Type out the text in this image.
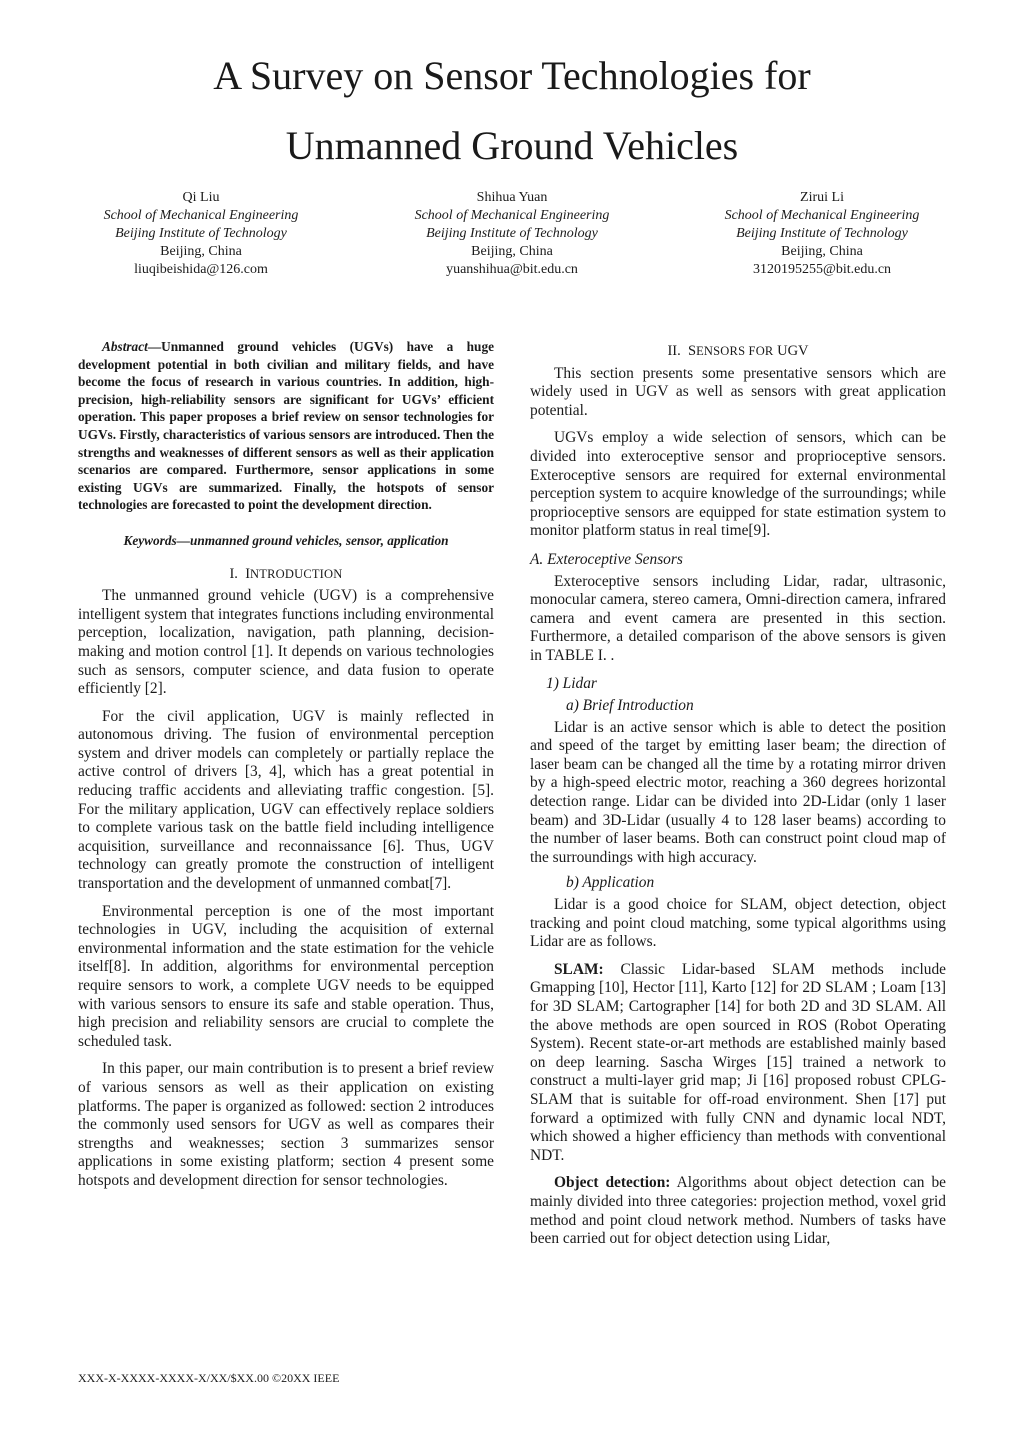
A Survey on Sensor Technologies for
Unmanned Ground Vehicles
Qi Liu
School of Mechanical Engineering
Beijing Institute of Technology
Beijing, China
liuqibeishida@126.com
Shihua Yuan
School of Mechanical Engineering
Beijing Institute of Technology
Beijing, China
yuanshihua@bit.edu.cn
Zirui Li
School of Mechanical Engineering
Beijing Institute of Technology
Beijing, China
3120195255@bit.edu.cn

Abstract—Unmanned ground vehicles (UGVs) have a huge development potential in both civilian and military fields, and have become the focus of research in various countries. In addition, high-precision, high-reliability sensors are significant for UGVs’ efficient operation. This paper proposes a brief review on sensor technologies for UGVs. Firstly, characteristics of various sensors are introduced. Then the strengths and weaknesses of different sensors as well as their application scenarios are compared. Furthermore, sensor applications in some existing UGVs are summarized. Finally, the hotspots of sensor technologies are forecasted to point the development direction.

Keywords—unmanned ground vehicles, sensor, application

I. INTRODUCTION

The unmanned ground vehicle (UGV) is a comprehensive intelligent system that integrates functions including environmental perception, localization, navigation, path planning, decision-making and motion control [1]. It depends on various technologies such as sensors, computer science, and data fusion to operate efficiently [2].

For the civil application, UGV is mainly reflected in autonomous driving. The fusion of environmental perception system and driver models can completely or partially replace the active control of drivers [3, 4], which has a great potential in reducing traffic accidents and alleviating traffic congestion. [5]. For the military application, UGV can effectively replace soldiers to complete various task on the battle field including intelligence acquisition, surveillance and reconnaissance [6]. Thus, UGV technology can greatly promote the construction of intelligent transportation and the development of unmanned combat[7].

Environmental perception is one of the most important technologies in UGV, including the acquisition of external environmental information and the state estimation for the vehicle itself[8]. In addition, algorithms for environmental perception require sensors to work, a complete UGV needs to be equipped with various sensors to ensure its safe and stable operation. Thus, high precision and reliability sensors are crucial to complete the scheduled task.

In this paper, our main contribution is to present a brief review of various sensors as well as their application on existing platforms. The paper is organized as followed: section 2 introduces the commonly used sensors for UGV as well as compares their strengths and weaknesses; section 3 summarizes sensor applications in some existing platform; section 4 present some hotspots and development direction for sensor technologies.

II. SENSORS FOR UGV

This section presents some presentative sensors which are widely used in UGV as well as sensors with great application potential.

UGVs employ a wide selection of sensors, which can be divided into exteroceptive sensor and proprioceptive sensors. Exteroceptive sensors are required for external environmental perception system to acquire knowledge of the surroundings; while proprioceptive sensors are equipped for state estimation system to monitor platform status in real time[9].

A. Exteroceptive Sensors

Exteroceptive sensors including Lidar, radar, ultrasonic, monocular camera, stereo camera, Omni-direction camera, infrared camera and event camera are presented in this section. Furthermore, a detailed comparison of the above sensors is given in TABLE I. .

1) Lidar
a) Brief Introduction

Lidar is an active sensor which is able to detect the position and speed of the target by emitting laser beam; the direction of laser beam can be changed all the time by a rotating mirror driven by a high-speed electric motor, reaching a 360 degrees horizontal detection range. Lidar can be divided into 2D-Lidar (only 1 laser beam) and 3D-Lidar (usually 4 to 128 laser beams) according to the number of laser beams. Both can construct point cloud map of the surroundings with high accuracy.

b) Application

Lidar is a good choice for SLAM, object detection, object tracking and point cloud matching, some typical algorithms using Lidar are as follows.

SLAM: Classic Lidar-based SLAM methods include Gmapping [10], Hector [11], Karto [12] for 2D SLAM ; Loam [13] for 3D SLAM; Cartographer [14] for both 2D and 3D SLAM. All the above methods are open sourced in ROS (Robot Operating System). Recent state-or-art methods are established mainly based on deep learning. Sascha Wirges [15] trained a network to construct a multi-layer grid map; Ji [16] proposed robust CPLG-SLAM that is suitable for off-road environment. Shen [17] put forward a optimized with fully CNN and dynamic local NDT, which showed a higher efficiency than methods with conventional NDT.

Object detection: Algorithms about object detection can be mainly divided into three categories: projection method, voxel grid method and point cloud network method. Numbers of tasks have been carried out for object detection using Lidar,

XXX-X-XXXX-XXXX-X/XX/$XX.00 ©20XX IEEE
